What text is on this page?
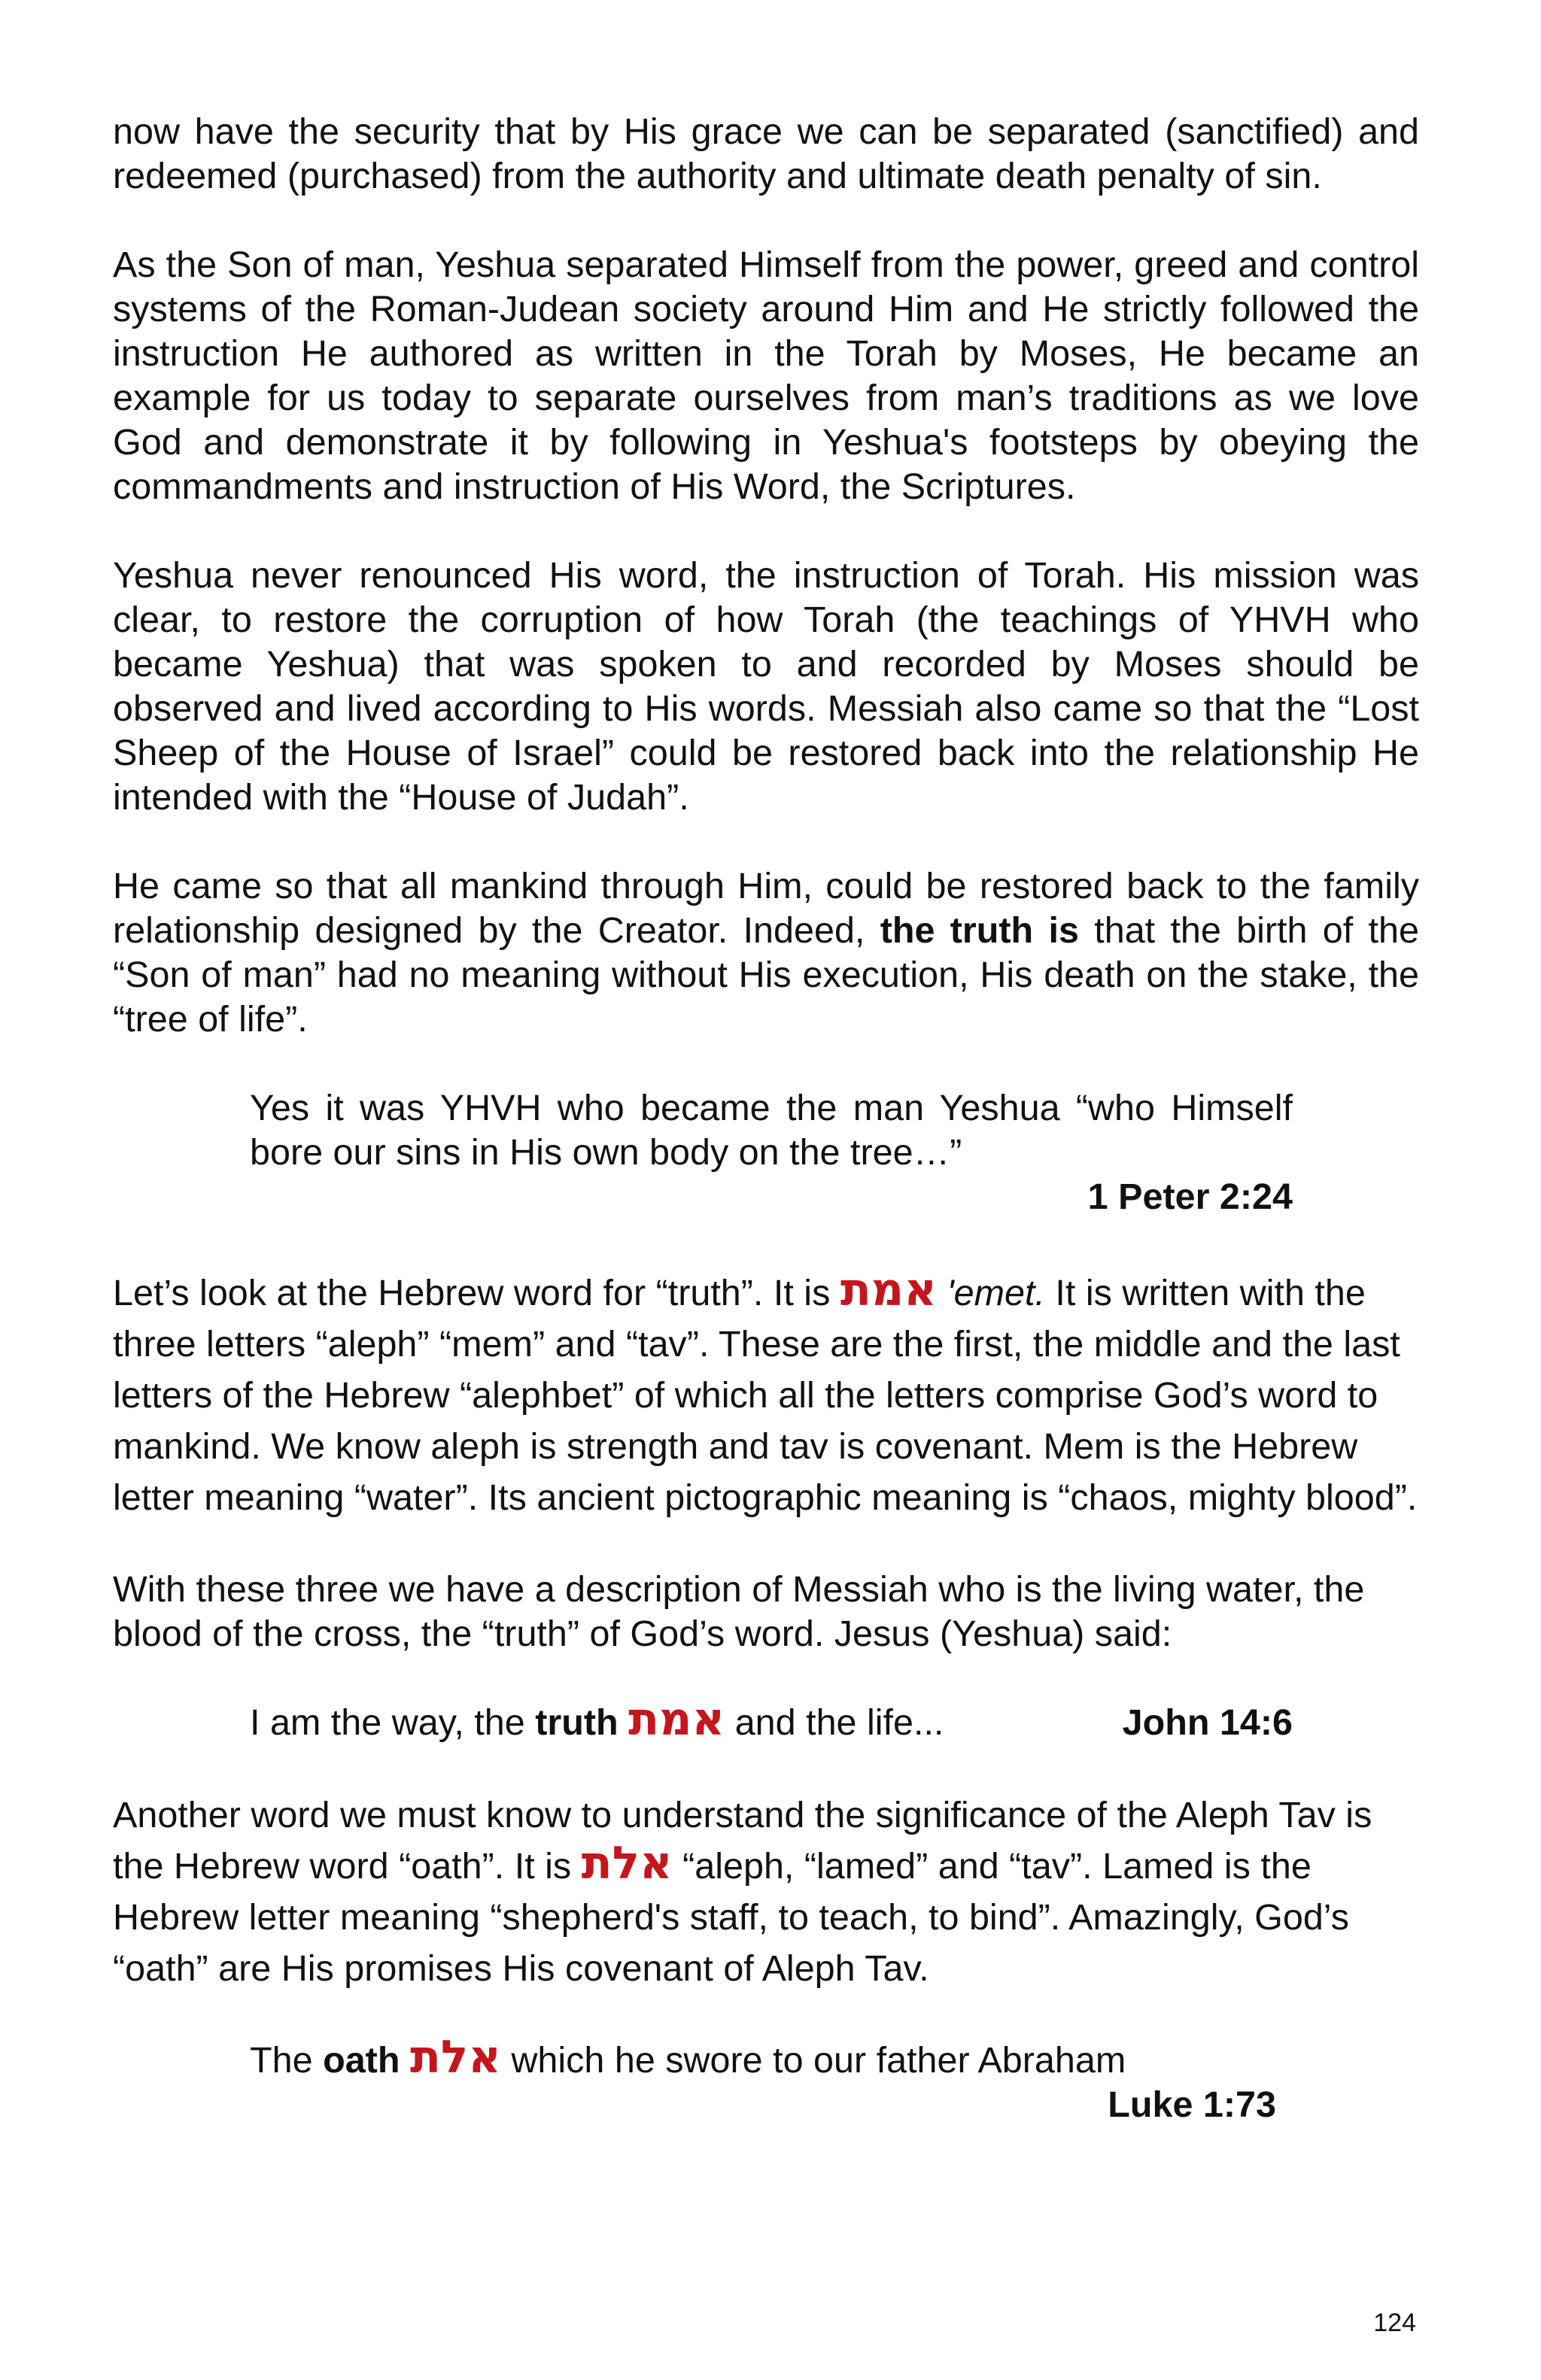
now have the security that by His grace we can be separated (sanctified) and redeemed (purchased) from the authority and ultimate death penalty of sin.

As the Son of man, Yeshua separated Himself from the power, greed and control systems of the Roman-Judean society around Him and He strictly followed the instruction He authored as written in the Torah by Moses, He became an example for us today to separate ourselves from man’s traditions as we love God and demonstrate it by following in Yeshua's footsteps by obeying the commandments and instruction of His Word, the Scriptures.

Yeshua never renounced His word, the instruction of Torah. His mission was clear, to restore the corruption of how Torah (the teachings of YHVH who became Yeshua) that was spoken to and recorded by Moses should be observed and lived according to His words. Messiah also came so that the “Lost Sheep of the House of Israel” could be restored back into the relationship He intended with the “House of Judah”.

He came so that all mankind through Him, could be restored back to the family relationship designed by the Creator. Indeed, the truth is that the birth of the “Son of man” had no meaning without His execution, His death on the stake, the “tree of life”.

Yes it was YHVH who became the man Yeshua “who Himself bore our sins in His own body on the tree…”

1 Peter 2:24

Let’s look at the Hebrew word for “truth”. It is אמת 'emet. It is written with the three letters “aleph” “mem” and “tav”. These are the first, the middle and the last letters of the Hebrew “alephbet” of which all the letters comprise God’s word to mankind. We know aleph is strength and tav is covenant. Mem is the Hebrew letter meaning “water”. Its ancient pictographic meaning is “chaos, mighty blood”.

With these three we have a description of Messiah who is the living water, the blood of the cross, the “truth” of God’s word. Jesus (Yeshua) said:

I am the way, the truth אמת and the life...	John 14:6

Another word we must know to understand the significance of the Aleph Tav is the Hebrew word “oath”. It is אלת “aleph, “lamed” and “tav”. Lamed is the Hebrew letter meaning “shepherd's staff, to teach, to bind”. Amazingly, God’s “oath” are His promises His covenant of Aleph Tav.

The oath אלת which he swore to our father Abraham

Luke 1:73

124
